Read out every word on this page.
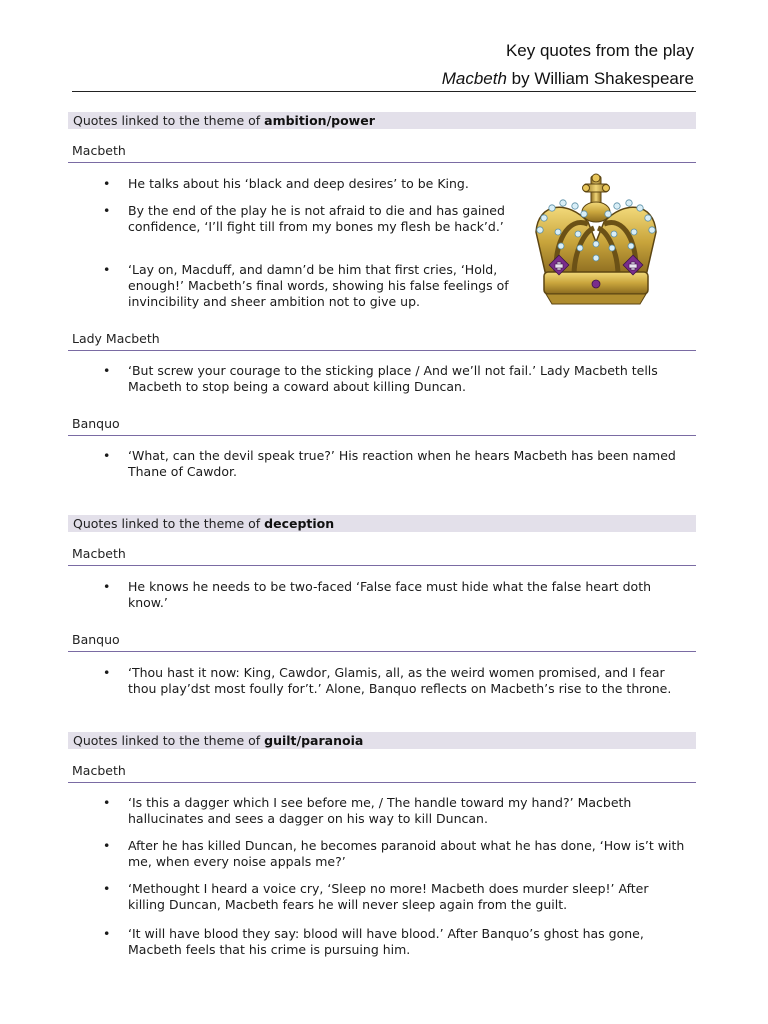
Key quotes from the play
Macbeth by William Shakespeare
Quotes linked to the theme of ambition/power
Macbeth
• He talks about his ‘black and deep desires’ to be King.
• By the end of the play he is not afraid to die and has gained confidence, ‘I’ll fight till from my bones my flesh be hack’d.’
• ‘Lay on, Macduff, and damn’d be him that first cries, ‘Hold, enough!’ Macbeth’s final words, showing his false feelings of invincibility and sheer ambition not to give up.
Lady Macbeth
• ‘But screw your courage to the sticking place / And we’ll not fail.’ Lady Macbeth tells Macbeth to stop being a coward about killing Duncan.
Banquo
• ‘What, can the devil speak true?’ His reaction when he hears Macbeth has been named Thane of Cawdor.
Quotes linked to the theme of deception
Macbeth
• He knows he needs to be two-faced ‘False face must hide what the false heart doth know.’
Banquo
• ‘Thou hast it now: King, Cawdor, Glamis, all, as the weird women promised, and I fear thou play’dst most foully for’t.’ Alone, Banquo reflects on Macbeth’s rise to the throne.
Quotes linked to the theme of guilt/paranoia
Macbeth
• ‘Is this a dagger which I see before me, / The handle toward my hand?’ Macbeth hallucinates and sees a dagger on his way to kill Duncan.
• After he has killed Duncan, he becomes paranoid about what he has done, ‘How is’t with me, when every noise appals me?’
• ‘Methought I heard a voice cry, ‘Sleep no more! Macbeth does murder sleep!’ After killing Duncan, Macbeth fears he will never sleep again from the guilt.
• ‘It will have blood they say: blood will have blood.’ After Banquo’s ghost has gone, Macbeth feels that his crime is pursuing him.
